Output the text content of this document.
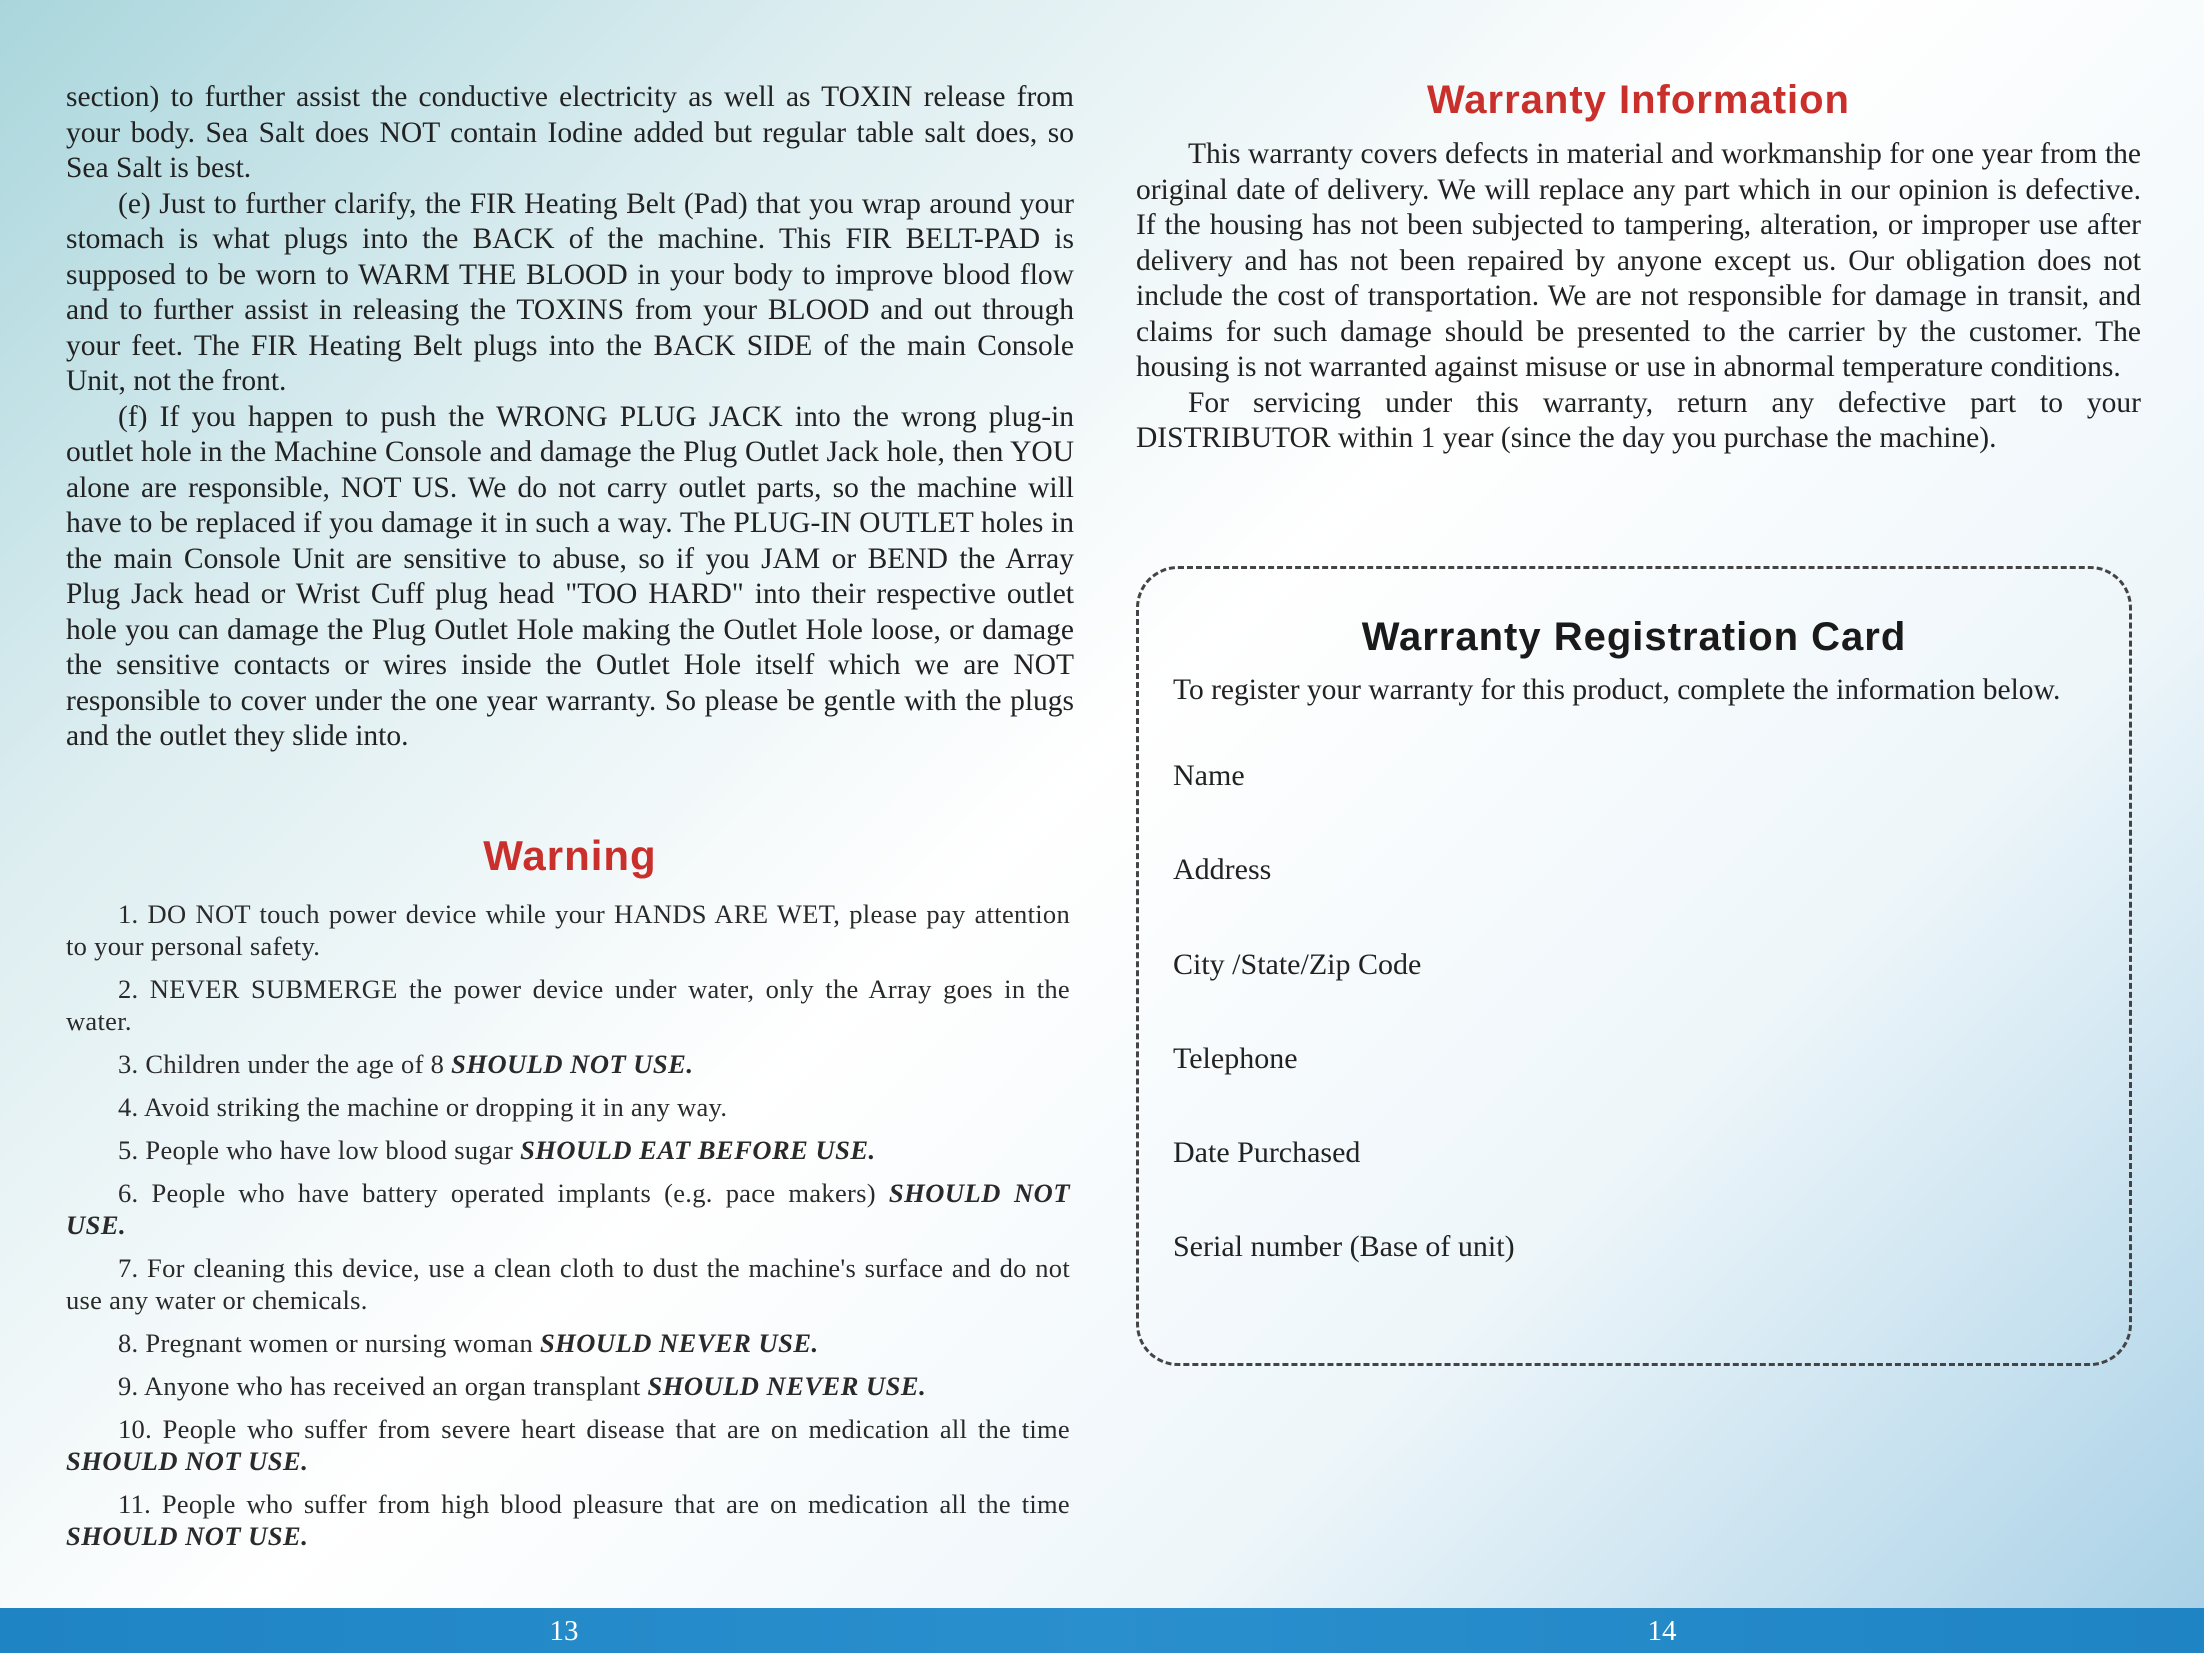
section) to further assist the conductive electricity as well as TOXIN release from your body. Sea Salt does NOT contain Iodine added but regular table salt does, so Sea Salt is best.

(e) Just to further clarify, the FIR Heating Belt (Pad) that you wrap around your stomach is what plugs into the BACK of the machine. This FIR BELT-PAD is supposed to be worn to WARM THE BLOOD in your body to improve blood flow and to further assist in releasing the TOXINS from your BLOOD and out through your feet. The FIR Heating Belt plugs into the BACK SIDE of the main Console Unit, not the front.

(f) If you happen to push the WRONG PLUG JACK into the wrong plug-in outlet hole in the Machine Console and damage the Plug Outlet Jack hole, then YOU alone are responsible, NOT US. We do not carry outlet parts, so the machine will have to be replaced if you damage it in such a way. The PLUG-IN OUTLET holes in the main Console Unit are sensitive to abuse, so if you JAM or BEND the Array Plug Jack head or Wrist Cuff plug head "TOO HARD" into their respective outlet hole you can damage the Plug Outlet Hole making the Outlet Hole loose, or damage the sensitive contacts or wires inside the Outlet Hole itself which we are NOT responsible to cover under the one year warranty. So please be gentle with the plugs and the outlet they slide into.

Warning
1. DO NOT touch power device while your HANDS ARE WET, please pay attention to your personal safety.
2. NEVER SUBMERGE the power device under water, only the Array goes in the water.
3. Children under the age of 8 SHOULD NOT USE.
4. Avoid striking the machine or dropping it in any way.
5. People who have low blood sugar SHOULD EAT BEFORE USE.
6. People who have battery operated implants (e.g. pace makers) SHOULD NOT USE.
7. For cleaning this device, use a clean cloth to dust the machine's surface and do not use any water or chemicals.
8. Pregnant women or nursing woman SHOULD NEVER USE.
9. Anyone who has received an organ transplant SHOULD NEVER USE.
10. People who suffer from severe heart disease that are on medication all the time SHOULD NOT USE.
11. People who suffer from high blood pleasure that are on medication all the time SHOULD NOT USE.
Warranty Information

This warranty covers defects in material and workmanship for one year from the original date of delivery. We will replace any part which in our opinion is defective. If the housing has not been subjected to tampering, alteration, or improper use after delivery and has not been repaired by anyone except us. Our obligation does not include the cost of transportation. We are not responsible for damage in transit, and claims for such damage should be presented to the carrier by the customer. The housing is not warranted against misuse or use in abnormal temperature conditions.

For servicing under this warranty, return any defective part to your DISTRIBUTOR within 1 year (since the day you purchase the machine).

Warranty Registration Card

To register your warranty for this product, complete the information below.

Name
Address
City /State/Zip Code
Telephone
Date Purchased
Serial number (Base of unit)
13	14
